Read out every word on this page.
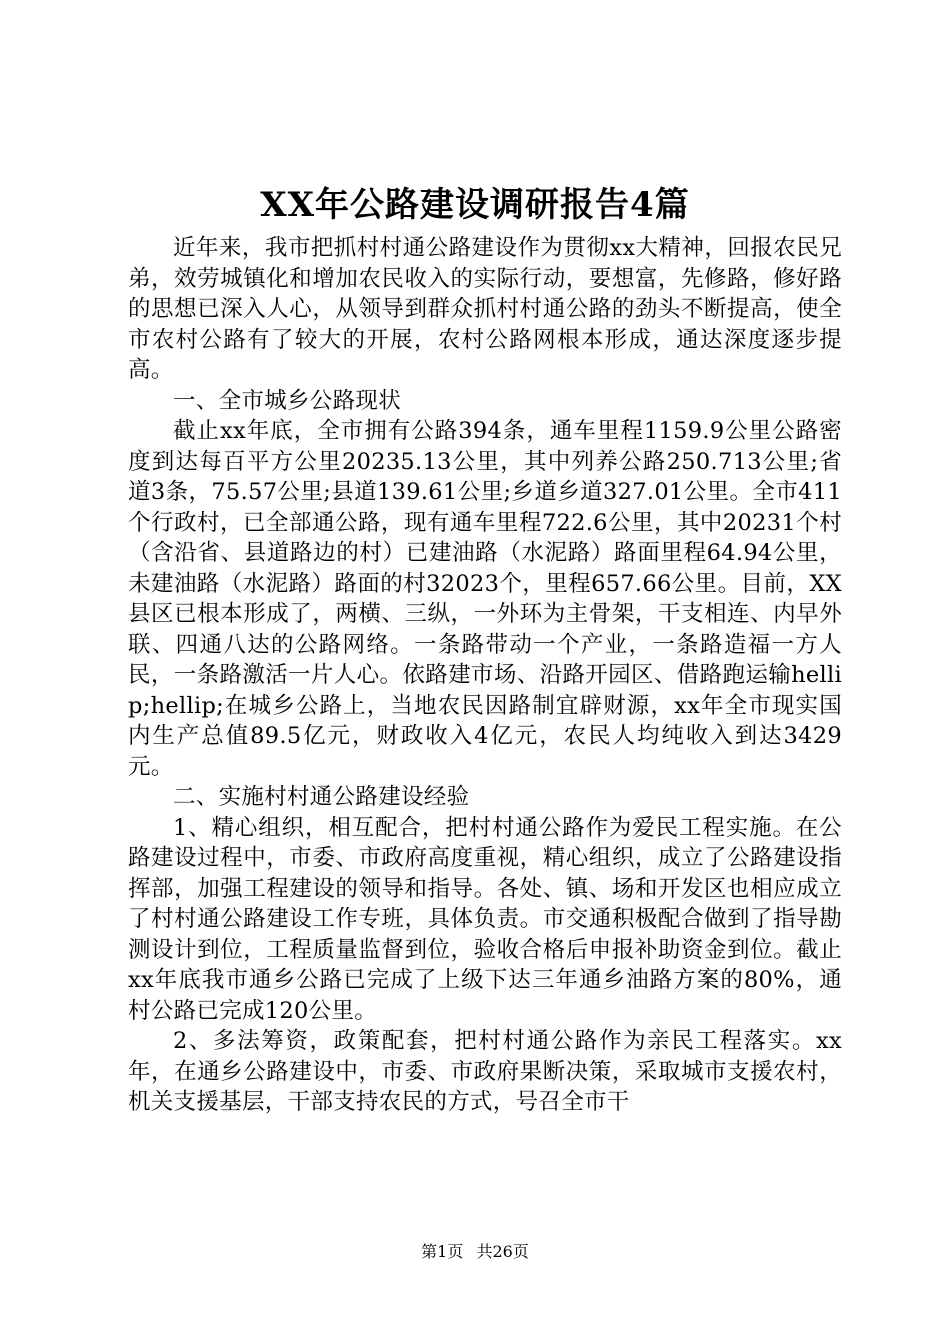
XX年公路建设调研报告4篇

近年来，我市把抓村村通公路建设作为贯彻xx大精神，回报农民兄弟，效劳城镇化和增加农民收入的实际行动，要想富，先修路，修好路的思想已深入人心，从领导到群众抓村村通公路的劲头不断提高，使全市农村公路有了较大的开展，农村公路网根本形成，通达深度逐步提高。

一、全市城乡公路现状

截止xx年底，全市拥有公路394条，通车里程1159.9公里公路密度到达每百平方公里20235.13公里，其中列养公路250.713公里;省道3条，75.57公里;县道139.61公里;乡道乡道327.01公里。全市411个行政村，已全部通公路，现有通车里程722.6公里，其中20231个村（含沿省、县道路边的村）已建油路（水泥路）路面里程64.94公里，未建油路（水泥路）路面的村32023个，里程657.66公里。目前，XX县区已根本形成了，两横、三纵，一外环为主骨架，干支相连、内早外联、四通八达的公路网络。一条路带动一个产业，一条路造福一方人民，一条路激活一片人心。依路建市场、沿路开园区、借路跑运输hellip;hellip;在城乡公路上，当地农民因路制宜辟财源，xx年全市现实国内生产总值89.5亿元，财政收入4亿元，农民人均纯收入到达3429元。

二、实施村村通公路建设经验

1、精心组织，相互配合，把村村通公路作为爱民工程实施。在公路建设过程中，市委、市政府高度重视，精心组织，成立了公路建设指挥部，加强工程建设的领导和指导。各处、镇、场和开发区也相应成立了村村通公路建设工作专班，具体负责。市交通积极配合做到了指导勘测设计到位，工程质量监督到位，验收合格后申报补助资金到位。截止xx年底我市通乡公路已完成了上级下达三年通乡油路方案的80%，通村公路已完成120公里。

2、多法筹资，政策配套，把村村通公路作为亲民工程落实。xx年，在通乡公路建设中，市委、市政府果断决策，采取城市支援农村，机关支援基层，干部支持农民的方式，号召全市干

第1页 共26页
